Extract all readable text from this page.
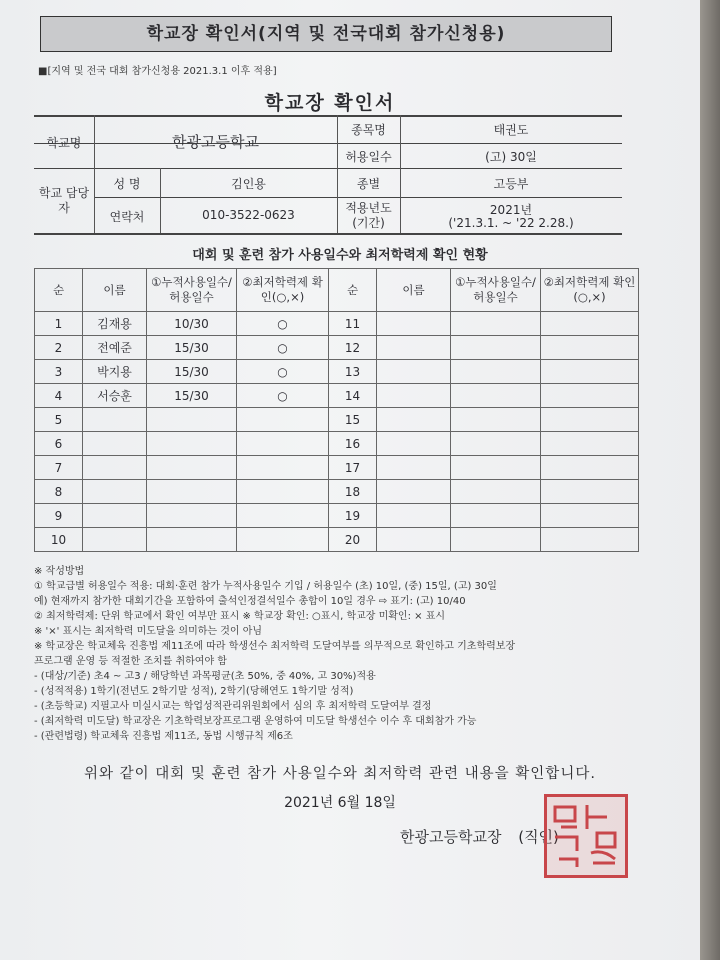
학교장 확인서(지역 및 전국대회 참가신청용)
■[지역 및 전국 대회 참가신청용 2021.3.1 이후 적용]
학교장 확인서
학교명	한광고등학교
종목명	태권도
허용일수	(고) 30일
학교 담당자
성 명	김인용	종별	고등부
연락처	010-3522-0623	적용년도 (기간)
2021년
('21.3.1. ~ '22 2.28.)
대회 및 훈련 참가 사용일수와 최저학력제 확인 현황
순	이름	①누적사용일수/ 허용일수	②최저학력제 확인(○,×)	순	이름	①누적사용일수/ 허용일수	②최저학력제 확인(○,×)
1	김재용	10/30	○	11			
2	전예준	15/30	○	12			
3	박지용	15/30	○	13			
4	서승훈	15/30	○	14			
5				15			
6				16			
7				17			
8				18			
9				19			
10				20			
※ 작성방법
① 학교급별 허용일수 적용: 대회·훈련 참가 누적사용일수 기입 / 허용일수 (초) 10일, (중) 15일, (고) 30일
예) 현재까지 참가한 대회기간을 포함하여 출석인정결석일수 총합이 10일 경우 ⇨ 표기: (고) 10/40
② 최저학력제: 단위 학교에서 확인 여부만 표시 ※ 학교장 확인: ○표시, 학교장 미확인: × 표시
※ '×' 표시는 최저학력 미도달을 의미하는 것이 아님
※ 학교장은 학교체육 진흥법 제11조에 따라 학생선수 최저학력 도달여부를 의무적으로 확인하고 기초학력보장
프로그램 운영 등 적절한 조치를 취하여야 함
- (대상/기준) 초4 ~ 고3 / 해당학년 과목평균(초 50%, 중 40%, 고 30%)적용
- (성적적용) 1학기(전년도 2학기말 성적), 2학기(당해연도 1학기말 성적)
- (초등학교) 지필고사 미실시교는 학업성적관리위원회에서 심의 후 최저학력 도달여부 결정
- (최저학력 미도달) 학교장은 기초학력보장프로그램 운영하여 미도달 학생선수 이수 후 대회참가 가능
- (관련법령) 학교체육 진흥법 제11조, 동법 시행규칙 제6조
위와 같이 대회 및 훈련 참가 사용일수와 최저학력 관련 내용을 확인합니다.
2021년 6월 18일
한광고등학교장 (직인)
